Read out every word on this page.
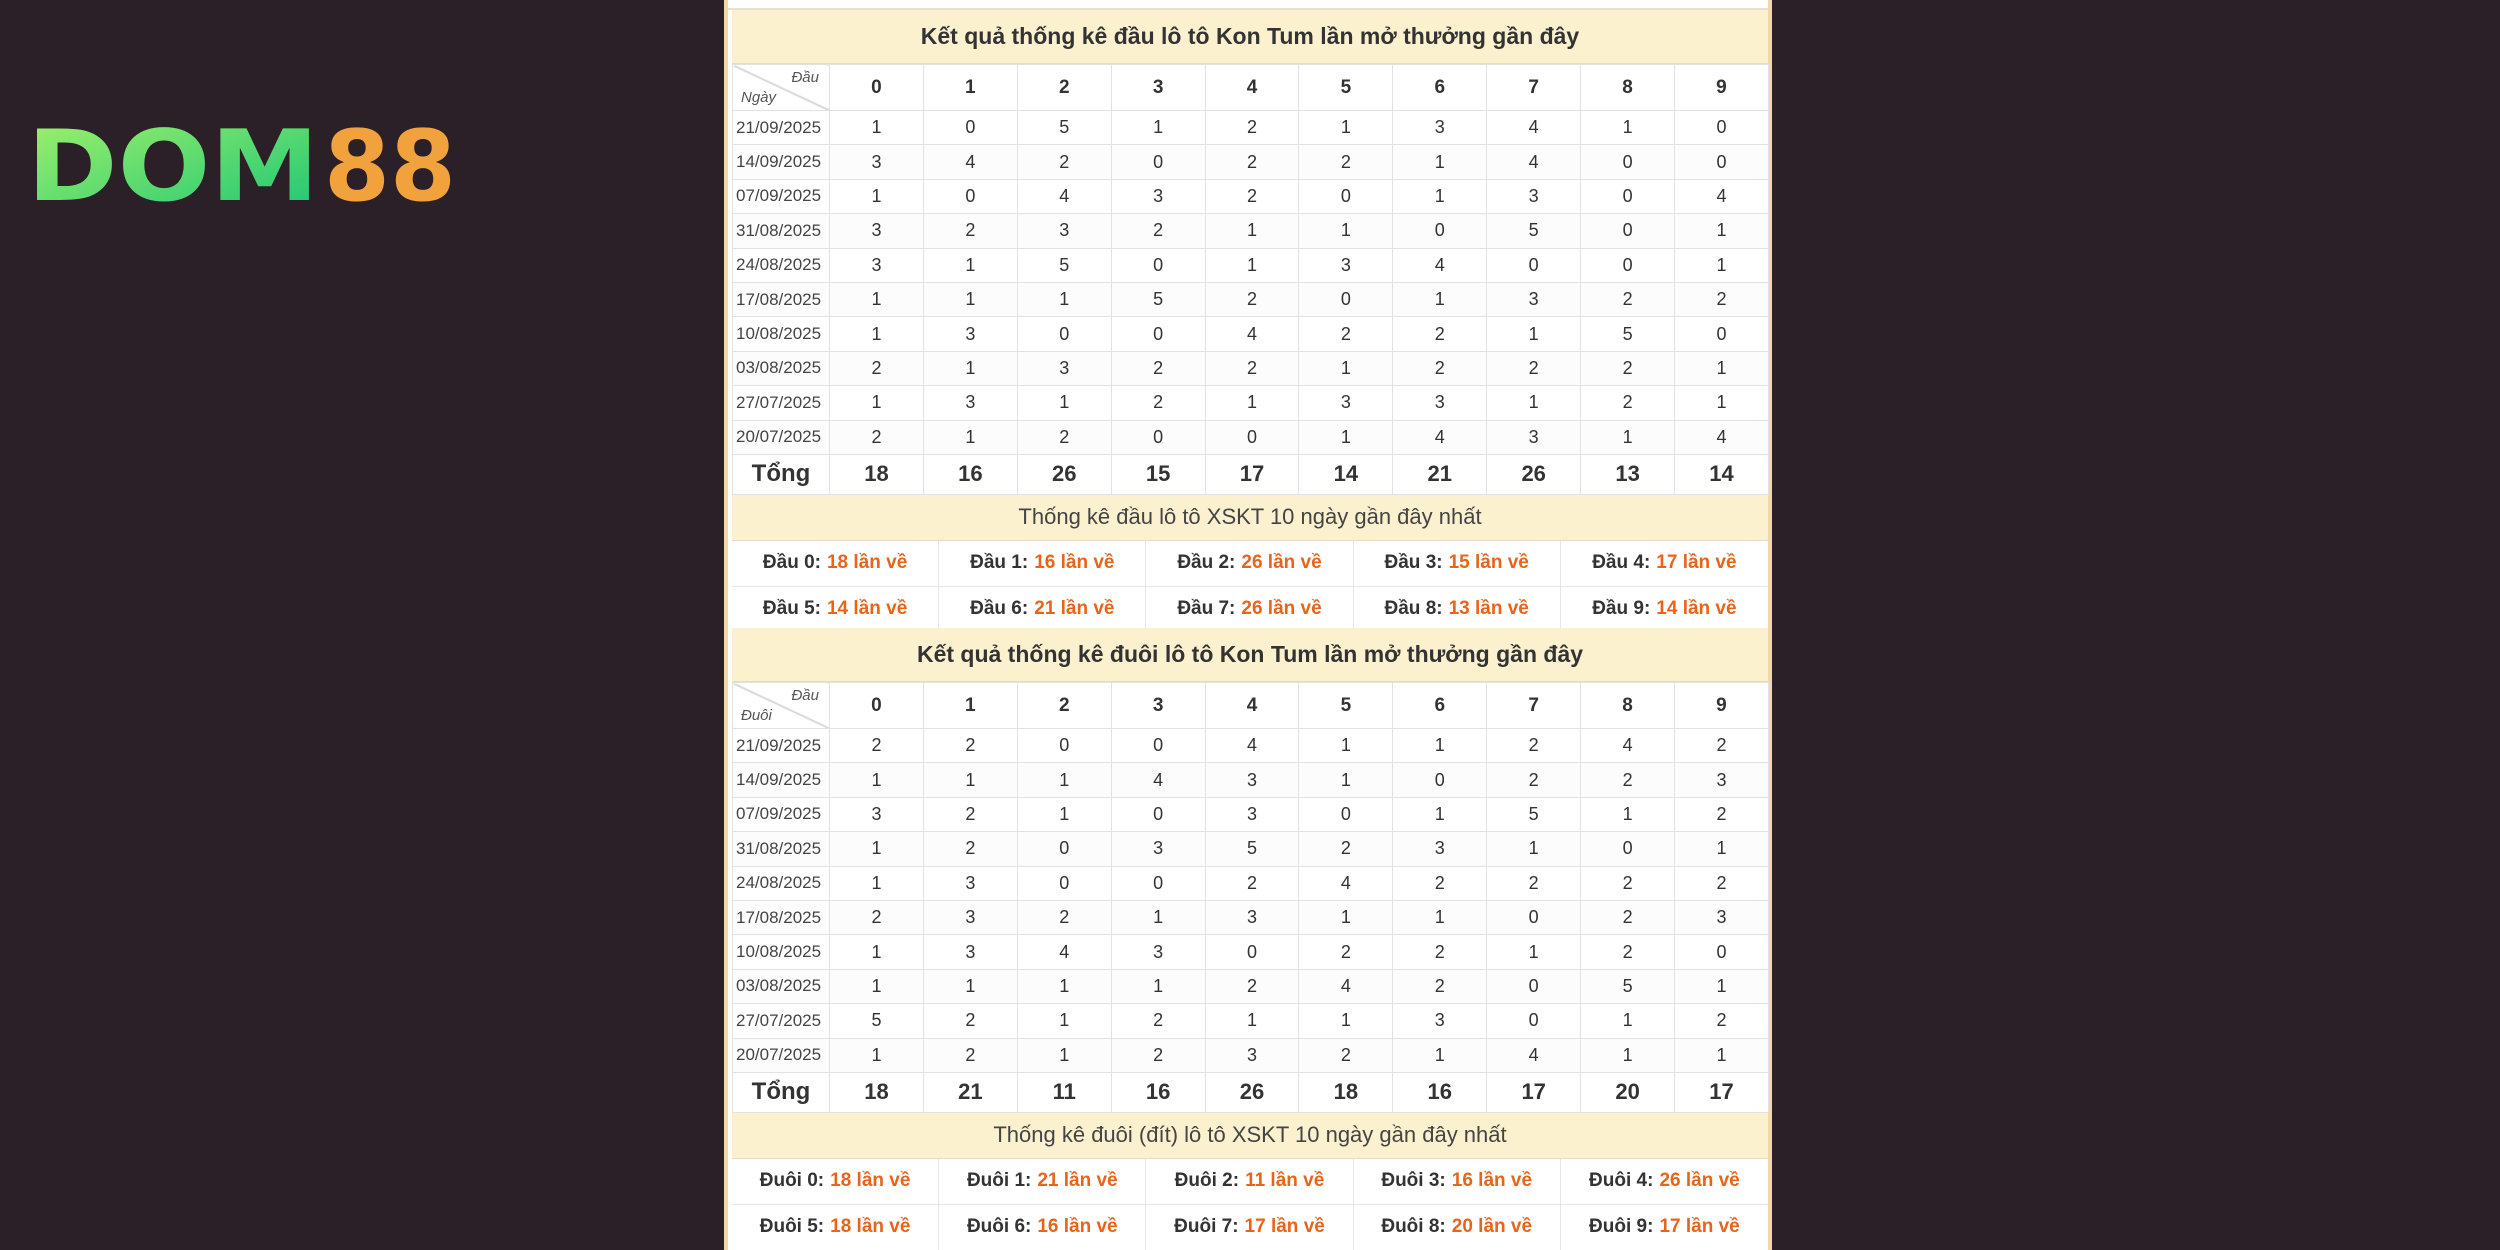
DOM 88
Kết quả thống kê đầu lô tô Kon Tum lần mở thưởng gần đây
Đầu
Ngày	0	1	2	3	4	5	6	7	8	9
21/09/2025	1	0	5	1	2	1	3	4	1	0
14/09/2025	3	4	2	0	2	2	1	4	0	0
07/09/2025	1	0	4	3	2	0	1	3	0	4
31/08/2025	3	2	3	2	1	1	0	5	0	1
24/08/2025	3	1	5	0	1	3	4	0	0	1
17/08/2025	1	1	1	5	2	0	1	3	2	2
10/08/2025	1	3	0	0	4	2	2	1	5	0
03/08/2025	2	1	3	2	2	1	2	2	2	1
27/07/2025	1	3	1	2	1	3	3	1	2	1
20/07/2025	2	1	2	0	0	1	4	3	1	4
Tổng	18	16	26	15	17	14	21	26	13	14
Thống kê đầu lô tô XSKT 10 ngày gần đây nhất
Đầu 0: 18 lần về	Đầu 1: 16 lần về	Đầu 2: 26 lần về	Đầu 3: 15 lần về	Đầu 4: 17 lần về
Đầu 5: 14 lần về	Đầu 6: 21 lần về	Đầu 7: 26 lần về	Đầu 8: 13 lần về	Đầu 9: 14 lần về
Kết quả thống kê đuôi lô tô Kon Tum lần mở thưởng gần đây
Đầu
Đuôi	0	1	2	3	4	5	6	7	8	9
21/09/2025	2	2	0	0	4	1	1	2	4	2
14/09/2025	1	1	1	4	3	1	0	2	2	3
07/09/2025	3	2	1	0	3	0	1	5	1	2
31/08/2025	1	2	0	3	5	2	3	1	0	1
24/08/2025	1	3	0	0	2	4	2	2	2	2
17/08/2025	2	3	2	1	3	1	1	0	2	3
10/08/2025	1	3	4	3	0	2	2	1	2	0
03/08/2025	1	1	1	1	2	4	2	0	5	1
27/07/2025	5	2	1	2	1	1	3	0	1	2
20/07/2025	1	2	1	2	3	2	1	4	1	1
Tổng	18	21	11	16	26	18	16	17	20	17
Thống kê đuôi (đít) lô tô XSKT 10 ngày gần đây nhất
Đuôi 0: 18 lần về	Đuôi 1: 21 lần về	Đuôi 2: 11 lần về	Đuôi 3: 16 lần về	Đuôi 4: 26 lần về
Đuôi 5: 18 lần về	Đuôi 6: 16 lần về	Đuôi 7: 17 lần về	Đuôi 8: 20 lần về	Đuôi 9: 17 lần về
